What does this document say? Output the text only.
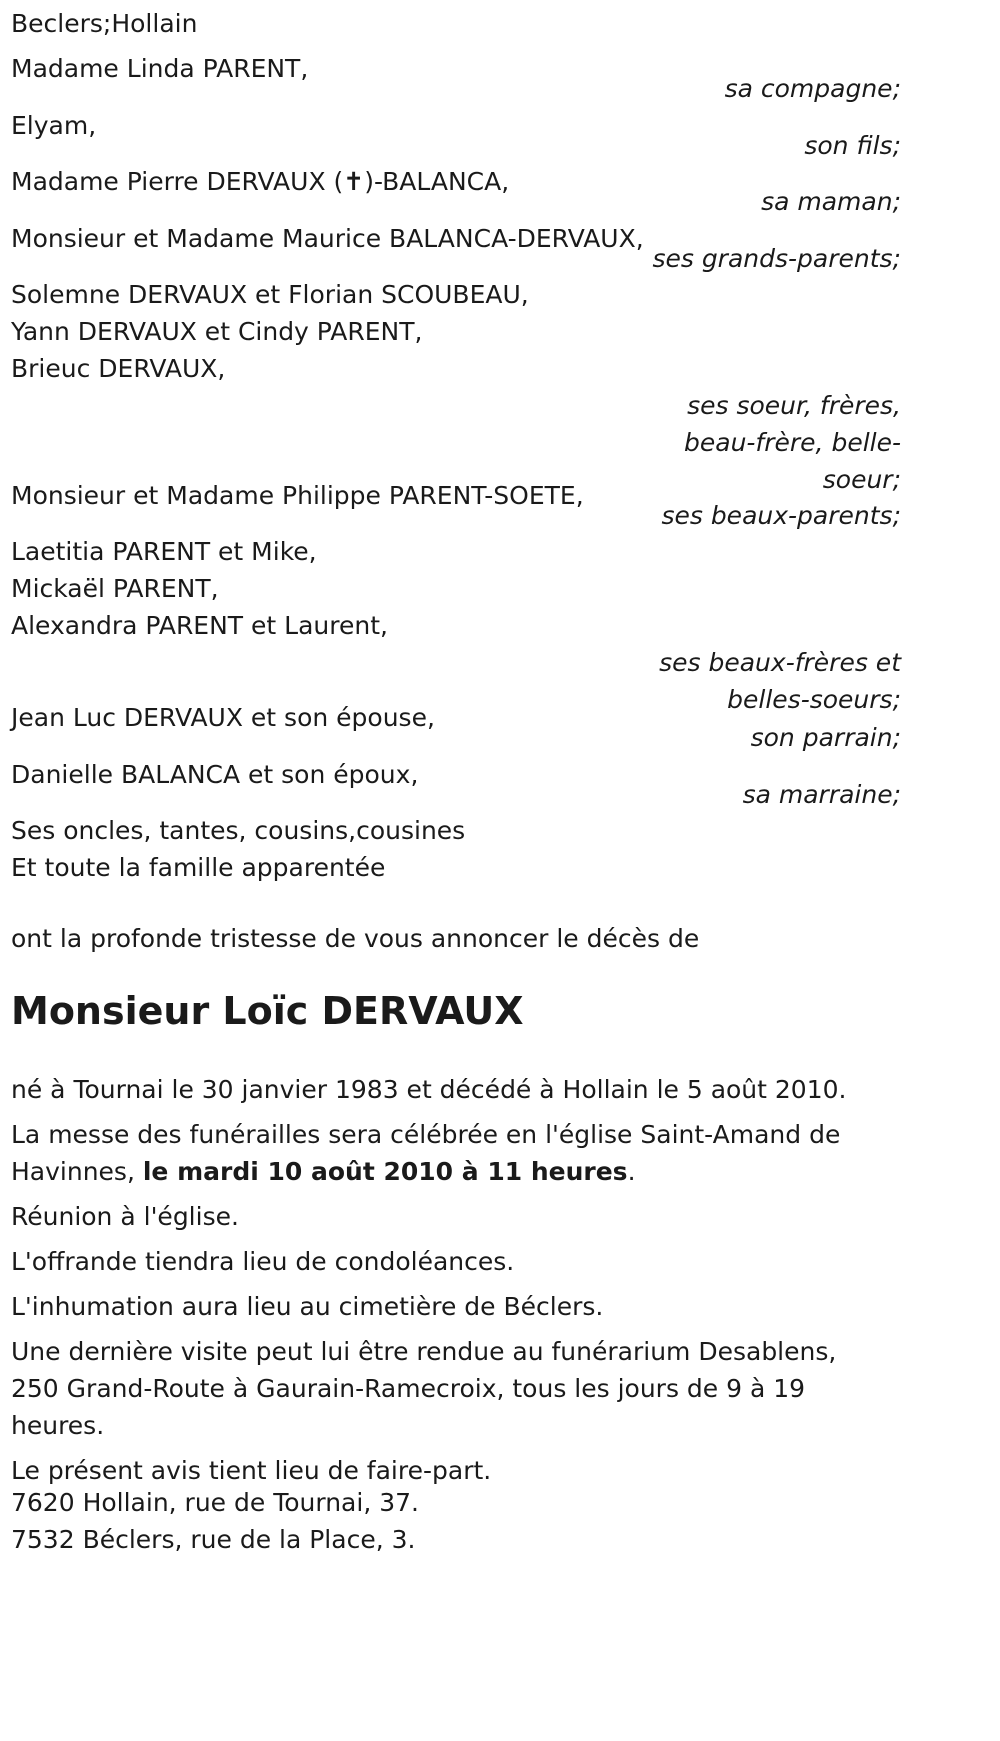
Beclers;Hollain
Madame Linda PARENT,
sa compagne;
Elyam,
son fils;
Madame Pierre DERVAUX (✝)-BALANCA,
sa maman;
Monsieur et Madame Maurice BALANCA-DERVAUX,
ses grands-parents;
Solemne DERVAUX et Florian SCOUBEAU,
Yann DERVAUX et Cindy PARENT,
Brieuc DERVAUX,
ses soeur, frères,
beau-frère, belle-
soeur;
Monsieur et Madame Philippe PARENT-SOETE,
ses beaux-parents;
Laetitia PARENT et Mike,
Mickaël PARENT,
Alexandra PARENT et Laurent,
ses beaux-frères et
belles-soeurs;
Jean Luc DERVAUX et son épouse,
son parrain;
Danielle BALANCA et son époux,
sa marraine;
Ses oncles, tantes, cousins,cousines
Et toute la famille apparentée
ont la profonde tristesse de vous annoncer le décès de
Monsieur Loïc DERVAUX
né à Tournai le 30 janvier 1983 et décédé à Hollain le 5 août 2010.
La messe des funérailles sera célébrée en l'église Saint-Amand de Havinnes, le mardi 10 août 2010 à 11 heures.
Réunion à l'église.
L'offrande tiendra lieu de condoléances.
L'inhumation aura lieu au cimetière de Béclers.
Une dernière visite peut lui être rendue au funérarium Desablens, 250 Grand-Route à Gaurain-Ramecroix, tous les jours de 9 à 19 heures.
Le présent avis tient lieu de faire-part.
7620 Hollain, rue de Tournai, 37.
7532 Béclers, rue de la Place, 3.
